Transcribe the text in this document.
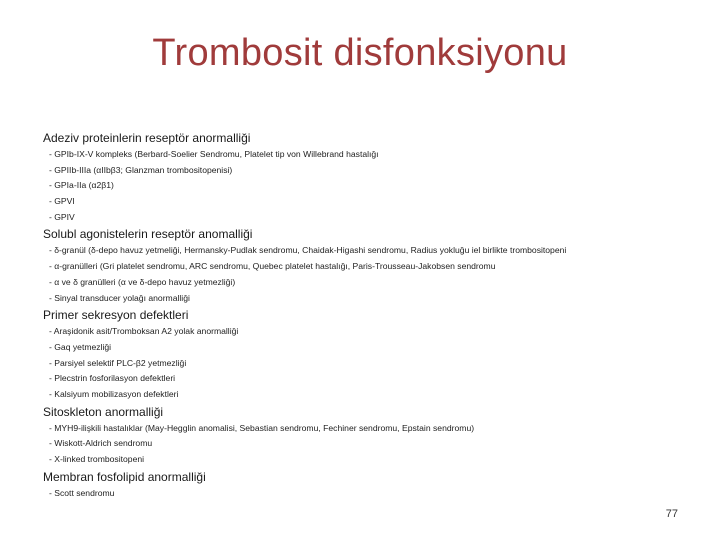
Trombosit disfonksiyonu
Adeziv proteinlerin reseptör anormalliği
- GPIb-IX-V kompleks (Berbard-Soelier Sendromu, Platelet tip von Willebrand hastalığı
- GPIIb-IIIa (αIIbβ3; Glanzman trombositopenisi)
- GPIa-IIa (α2β1)
- GPVI
- GPIV
Solubl agonistelerin reseptör anomalliği
- δ-granül (δ-depo havuz yetmeliği, Hermansky-Pudlak sendromu, Chaidak-Higashi sendromu, Radius yokluğu iel birlikte trombositopeni
- α-granülleri (Gri platelet sendromu, ARC sendromu, Quebec platelet hastalığı, Paris-Trousseau-Jakobsen sendromu
- α ve δ granülleri (α ve δ-depo havuz yetmezliği)
- Sinyal transducer yolağı anormalliği
Primer sekresyon defektleri
- Araşidonik asit/Tromboksan A2 yolak anormalliği
- Gaq yetmezliği
- Parsiyel selektif PLC-β2 yetmezliği
- Plecstrin fosforilasyon defektleri
- Kalsiyum mobilizasyon defektleri
Sitoskleton anormalliği
- MYH9-ilişkili hastalıklar (May-Hegglin anomalisi, Sebastian sendromu, Fechiner sendromu, Epstain sendromu)
- Wiskott-Aldrich sendromu
- X-linked trombositopeni
Membran fosfolipid anormalliği
- Scott sendromu
77
